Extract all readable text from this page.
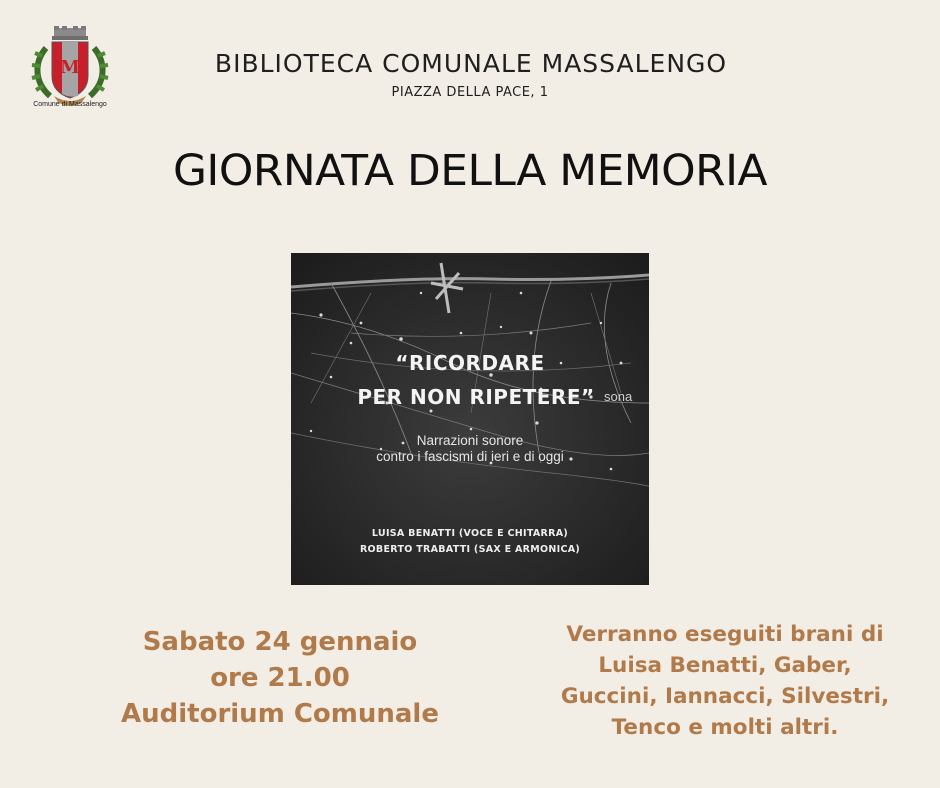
M
Comune di Massalengo
BIBLIOTECA COMUNALE MASSALENGO
PIAZZA DELLA PACE, 1
GIORNATA DELLA MEMORIA
“RICORDARE
PER NON RIPETERE” sona
Narrazioni sonore
contro i fascismi di ieri e di oggi
LUISA BENATTI (VOCE E CHITARRA)
ROBERTO TRABATTI (SAX E ARMONICA)
Sabato 24 gennaio
ore 21.00
Auditorium Comunale
Verranno eseguiti brani di
Luisa Benatti, Gaber,
Guccini, Iannacci, Silvestri,
Tenco e molti altri.
